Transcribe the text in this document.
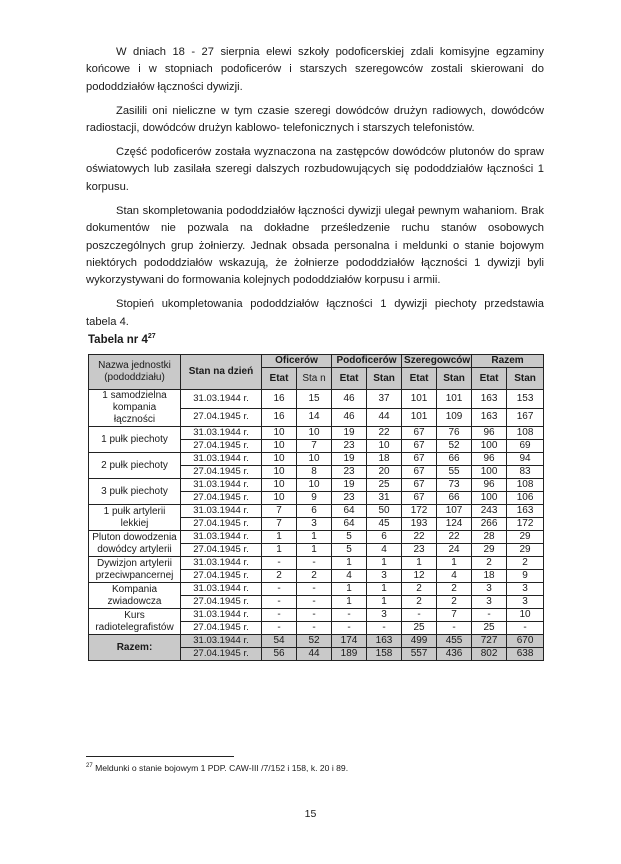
W dniach 18 - 27 sierpnia elewi szkoły podoficerskiej zdali komisyjne egzaminy końcowe i w stopniach podoficerów i starszych szeregowców zostali skierowani do pododdziałów łączności dywizji.

Zasilili oni nieliczne w tym czasie szeregi dowódców drużyn radiowych, dowódców radiostacji, dowódców drużyn kablowo- telefonicznych i starszych telefonistów.

Część podoficerów została wyznaczona na zastępców dowódców plutonów do spraw oświatowych lub zasilała szeregi dalszych rozbudowujących się pododdziałów łączności 1 korpusu.

Stan skompletowania pododdziałów łączności dywizji ulegał pewnym wahaniom. Brak dokumentów nie pozwala na dokładne prześledzenie ruchu stanów osobowych poszczególnych grup żołnierzy. Jednak obsada personalna i meldunki o stanie bojowym niektórych pododdziałów wskazują, że żołnierze pododdziałów łączności 1 dywizji byli wykorzystywani do formowania kolejnych pododdziałów korpusu i armii.

Stopień ukompletowania pododdziałów łączności 1 dywizji piechoty przedstawia tabela 4.

Tabela nr $4^{27}$
Nazwa jednostki (pododdziału)	Stan na dzień	Oficerów		Podoficerów		Szeregowców		Razem	
		Etat	Sta n	Etat	Stan	Etat	Stan	Etat	Stan
1 samodzielna kompania łączności	31.03.1944 r.	16	15	46	37	101	101	163	153
	27.04.1945 r.	16	14	46	44	101	109	163	167
1 pułk piechoty	31.03.1944 r.	10	10	19	22	67	76	96	108
	27.04.1945 r.	10	7	23	10	67	52	100	69
2 pułk piechoty	31.03.1944 r.	10	10	19	18	67	66	96	94
	27.04.1945 r.	10	8	23	20	67	55	100	83
3 pułk piechoty	31.03.1944 r.	10	10	19	25	67	73	96	108
	27.04.1945 r.	10	9	23	31	67	66	100	106
1 pułk artylerii lekkiej	31.03.1944 r.	7	6	64	50	172	107	243	163
	27.04.1945 r.	7	3	64	45	193	124	266	172
Pluton dowodzenia dowódcy artylerii	31.03.1944 r.	1	1	5	6	22	22	28	29
	27.04.1945 r.	1	1	5	4	23	24	29	29
Dywizjon artylerii przeciwpancernej	31.03.1944 r.	-	-	1	1	1	1	2	2
	27.04.1945 r.	2	2	4	3	12	4	18	9
Kompania zwiadowcza	31.03.1944 r.	-	-	1	1	2	2	3	3
	27.04.1945 r.	-	-	1	1	2	2	3	3
Kurs radiotelegrafistów	31.03.1944 r.	-	-	-	3	-	7	-	10
	27.04.1945 r.	-	-	-	-	25	-	25	-
Razem:	31.03.1944 r.	54	52	174	163	499	455	727	670
	27.04.1945 r.	56	44	189	158	557	436	802	638
$^{27}$ Meldunki o stanie bojowym 1 PDP. CAW-III /7/152 i 158, k. 20 i 89.
15
